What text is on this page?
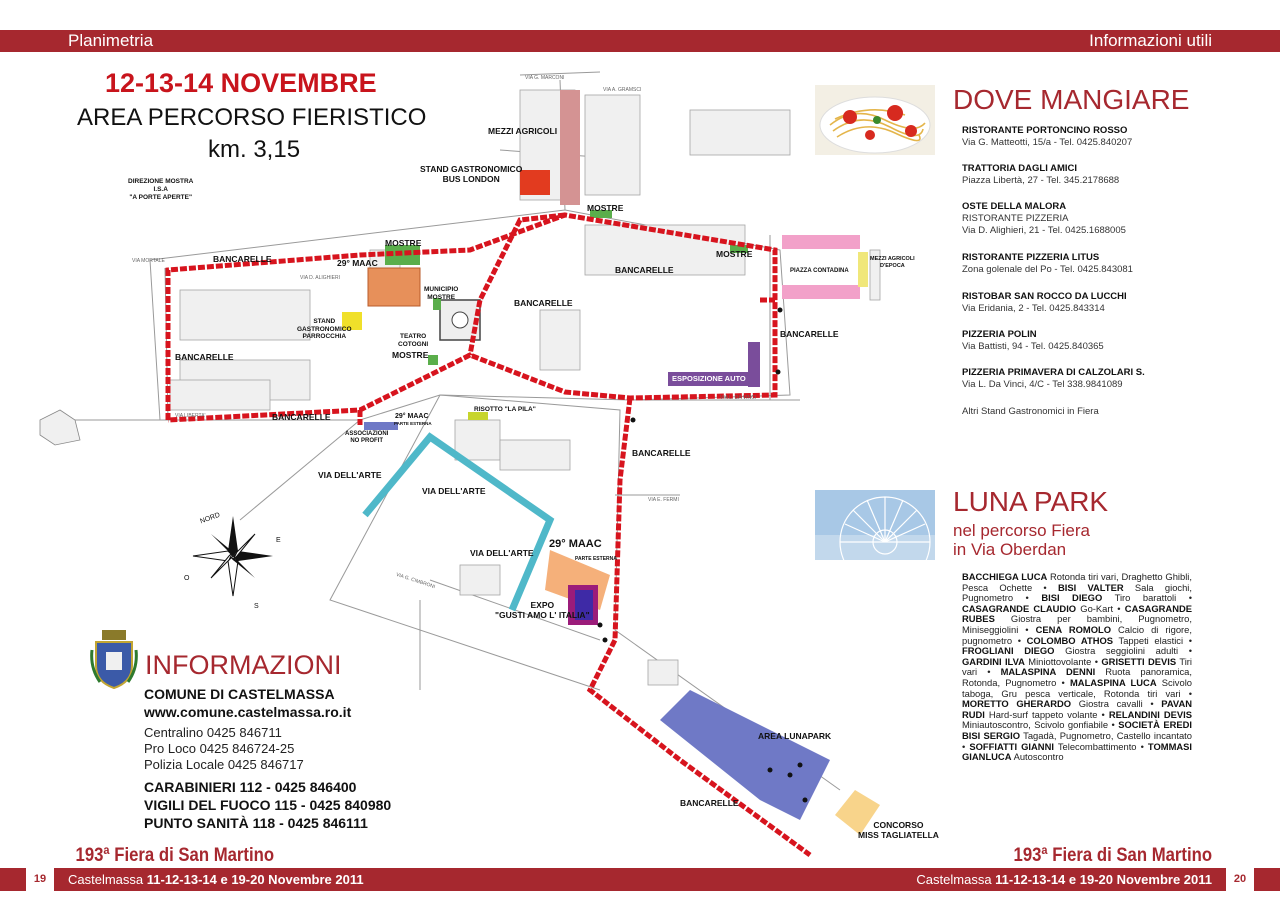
Planimetria	Informazioni utili
12-13-14 NOVEMBRE
AREA PERCORSO FIERISTICO
km. 3,15
DIREZIONE MOSTRA
I.S.A
"A PORTE APERTE"
MEZZI AGRICOLI
STAND GASTRONOMICO
BUS LONDON
MOSTRE
MOSTRE
MOSTRE
MOSTRE
BANCARELLE
BANCARELLE
BANCARELLE
BANCARELLE
BANCARELLE
BANCARELLE
BANCARELLE
BANCARELLE
29° MAAC
29° MAAC
PARTE ESTERNA
29° MAAC
PARTE ESTERNA
MUNICIPIO
MOSTRE
STAND
GASTRONOMICO
PARROCCHIA	TEATRO
COTOGNI
PIAZZA CONTADINA
MEZZI AGRICOLI
D'EPOCA
ESPOSIZIONE AUTO
RISOTTO "LA PILA"
ASSOCIAZIONI
NO PROFIT
VIA DELL'ARTE
VIA DELL'ARTE
VIA DELL'ARTE
EXPO
"GUSTI AMO L' ITALIA"
AREA LUNAPARK
CONCORSO
MISS TAGLIATELLA
NORD
E
O
S
VIA G. MARCONI
VIA A. GRAMSCI
VIA L. DA VINCI
VIA E. FERMI
VIA LIBERTA'
VIA MORTALE
VIA G. CIMBRONI
VIA D. ALIGHIERI
INFORMAZIONI
COMUNE DI CASTELMASSA
www.comune.castelmassa.ro.it
Centralino 0425 846711
Pro Loco 0425 846724-25
Polizia Locale 0425 846717
CARABINIERI 112 - 0425 846400
VIGILI DEL FUOCO 115 - 0425 840980
PUNTO SANITÀ 118 - 0425 846111
DOVE MANGIARE
RISTORANTE PORTONCINO ROSSO
Via G. Matteotti, 15/a - Tel. 0425.840207
TRATTORIA DAGLI AMICI
Piazza Libertà, 27 - Tel. 345.2178688
OSTE DELLA MALORA
RISTORANTE PIZZERIA
Via D. Alighieri, 21 - Tel. 0425.1688005
RISTORANTE PIZZERIA LITUS
Zona golenale del Po - Tel. 0425.843081
RISTOBAR SAN ROCCO DA LUCCHI
Via Eridania, 2 - Tel. 0425.843314
PIZZERIA POLIN
Via Battisti, 94 - Tel. 0425.840365
PIZZERIA PRIMAVERA DI CALZOLARI S.
Via L. Da Vinci, 4/C - Tel 338.9841089
Altri Stand Gastronomici in Fiera
LUNA PARK
nel percorso Fiera
in Via Oberdan
BACCHIEGA LUCA Rotonda tiri vari, Draghetto Ghibli, Pesca Ochette • BISI VALTER Sala giochi, Pugnometro • BISI DIEGO Tiro barattoli • CASAGRANDE CLAUDIO Go-Kart • CASAGRANDE RUBES Giostra per bambini, Pugnometro, Miniseggiolini • CENA ROMOLO Calcio di rigore, pugnometro • COLOMBO ATHOS Tappeti elastici • FROGLIANI DIEGO Giostra seggiolini adulti • GARDINI ILVA Miniottovolante • GRISETTI DEVIS Tiri vari • MALASPINA DENNI Ruota panoramica, Rotonda, Pugnometro • MALASPINA LUCA Scivolo taboga, Gru pesca verticale, Rotonda tiri vari • MORETTO GHERARDO Giostra cavalli • PAVAN RUDI Hard-surf tappeto volante • RELANDINI DEVIS Miniautoscontro, Scivolo gonfiabile • SOCIETÀ EREDI BISI SERGIO Tagadà, Pugnometro, Castello incantato • SOFFIATTI GIANNI Telecombattimento • TOMMASI GIANLUCA Autoscontro
193ª Fiera di San Martino	193ª Fiera di San Martino
19	20
Castelmassa 11-12-13-14 e 19-20 Novembre 2011	Castelmassa 11-12-13-14 e 19-20 Novembre 2011
